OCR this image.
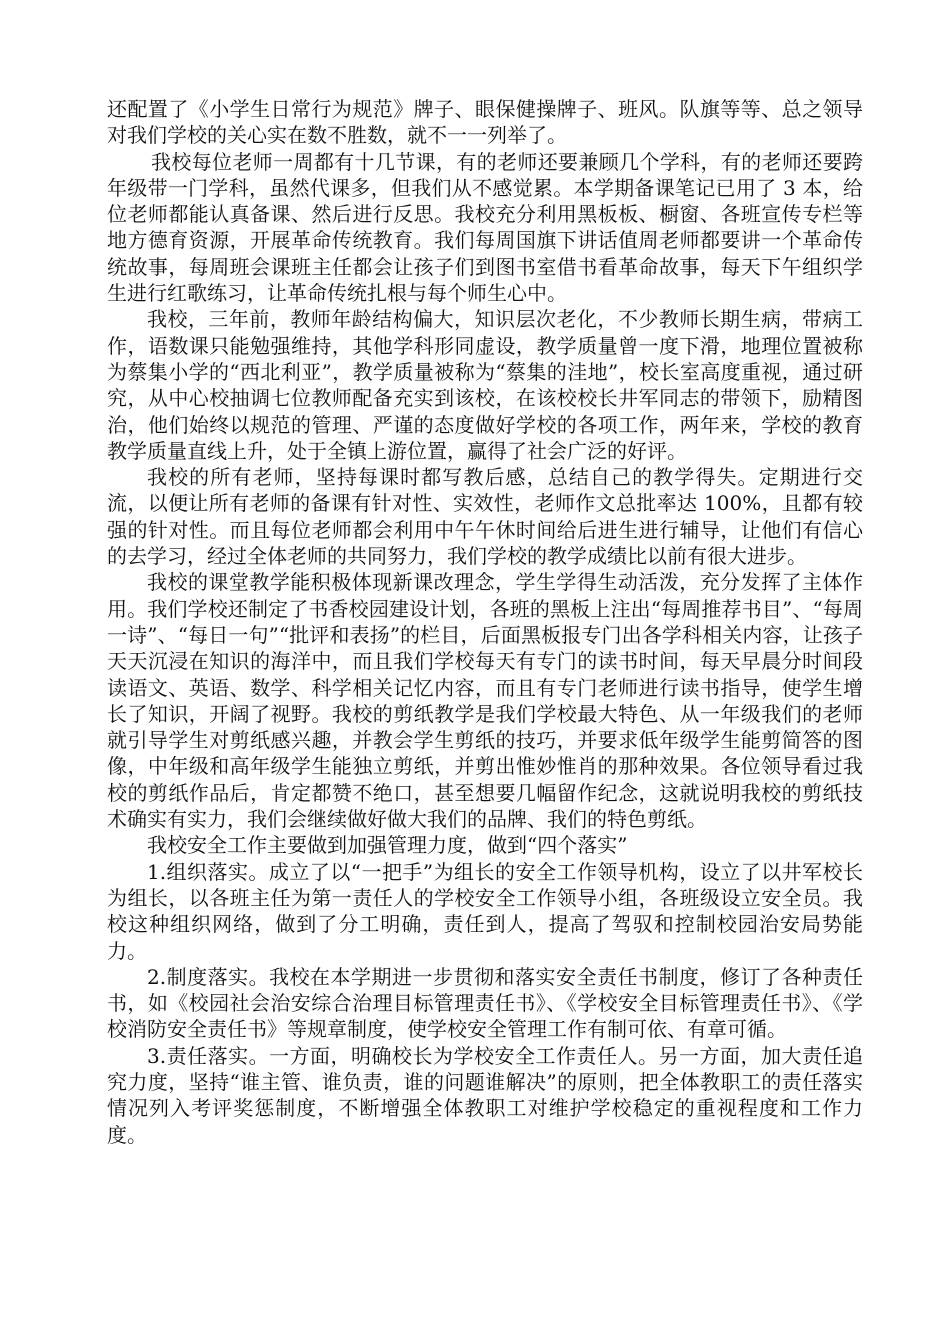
还配置了《小学生日常行为规范》牌子、眼保健操牌子、班风。队旗等等、总之领导对我们学校的关心实在数不胜数，就不一一列举了。

我校每位老师一周都有十几节课，有的老师还要兼顾几个学科，有的老师还要跨年级带一门学科，虽然代课多，但我们从不感觉累。本学期备课笔记已用了 3 本，给位老师都能认真备课、然后进行反思。我校充分利用黑板板、橱窗、各班宣传专栏等地方德育资源，开展革命传统教育。我们每周国旗下讲话值周老师都要讲一个革命传统故事，每周班会课班主任都会让孩子们到图书室借书看革命故事，每天下午组织学生进行红歌练习，让革命传统扎根与每个师生心中。

我校，三年前，教师年龄结构偏大，知识层次老化，不少教师长期生病，带病工作，语数课只能勉强维持，其他学科形同虚设，教学质量曾一度下滑，地理位置被称为蔡集小学的“西北利亚”，教学质量被称为“蔡集的洼地”，校长室高度重视，通过研究，从中心校抽调七位教师配备充实到该校，在该校校长井军同志的带领下，励精图治，他们始终以规范的管理、严谨的态度做好学校的各项工作，两年来，学校的教育教学质量直线上升，处于全镇上游位置，赢得了社会广泛的好评。

我校的所有老师，坚持每课时都写教后感，总结自己的教学得失。定期进行交流，以便让所有老师的备课有针对性、实效性，老师作文总批率达 100%，且都有较强的针对性。而且每位老师都会利用中午午休时间给后进生进行辅导，让他们有信心的去学习，经过全体老师的共同努力，我们学校的教学成绩比以前有很大进步。

我校的课堂教学能积极体现新课改理念，学生学得生动活泼，充分发挥了主体作用。我们学校还制定了书香校园建设计划，各班的黑板上注出“每周推荐书目”、“每周一诗”、“每日一句”“批评和表扬”的栏目，后面黑板报专门出各学科相关内容，让孩子天天沉浸在知识的海洋中，而且我们学校每天有专门的读书时间，每天早晨分时间段读语文、英语、数学、科学相关记忆内容，而且有专门老师进行读书指导，使学生增长了知识，开阔了视野。我校的剪纸教学是我们学校最大特色、从一年级我们的老师就引导学生对剪纸感兴趣，并教会学生剪纸的技巧，并要求低年级学生能剪简答的图像，中年级和高年级学生能独立剪纸，并剪出惟妙惟肖的那种效果。各位领导看过我校的剪纸作品后，肯定都赞不绝口，甚至想要几幅留作纪念，这就说明我校的剪纸技术确实有实力，我们会继续做好做大我们的品牌、我们的特色剪纸。

我校安全工作主要做到加强管理力度，做到“四个落实”

1.组织落实。成立了以“一把手”为组长的安全工作领导机构，设立了以井军校长为组长，以各班主任为第一责任人的学校安全工作领导小组，各班级设立安全员。我校这种组织网络，做到了分工明确，责任到人，提高了驾驭和控制校园治安局势能力。

2.制度落实。我校在本学期进一步贯彻和落实安全责任书制度，修订了各种责任书，如《校园社会治安综合治理目标管理责任书》、《学校安全目标管理责任书》、《学校消防安全责任书》等规章制度，使学校安全管理工作有制可依、有章可循。

3.责任落实。一方面，明确校长为学校安全工作责任人。另一方面，加大责任追究力度，坚持“谁主管、谁负责，谁的问题谁解决”的原则，把全体教职工的责任落实情况列入考评奖惩制度，不断增强全体教职工对维护学校稳定的重视程度和工作力度。
